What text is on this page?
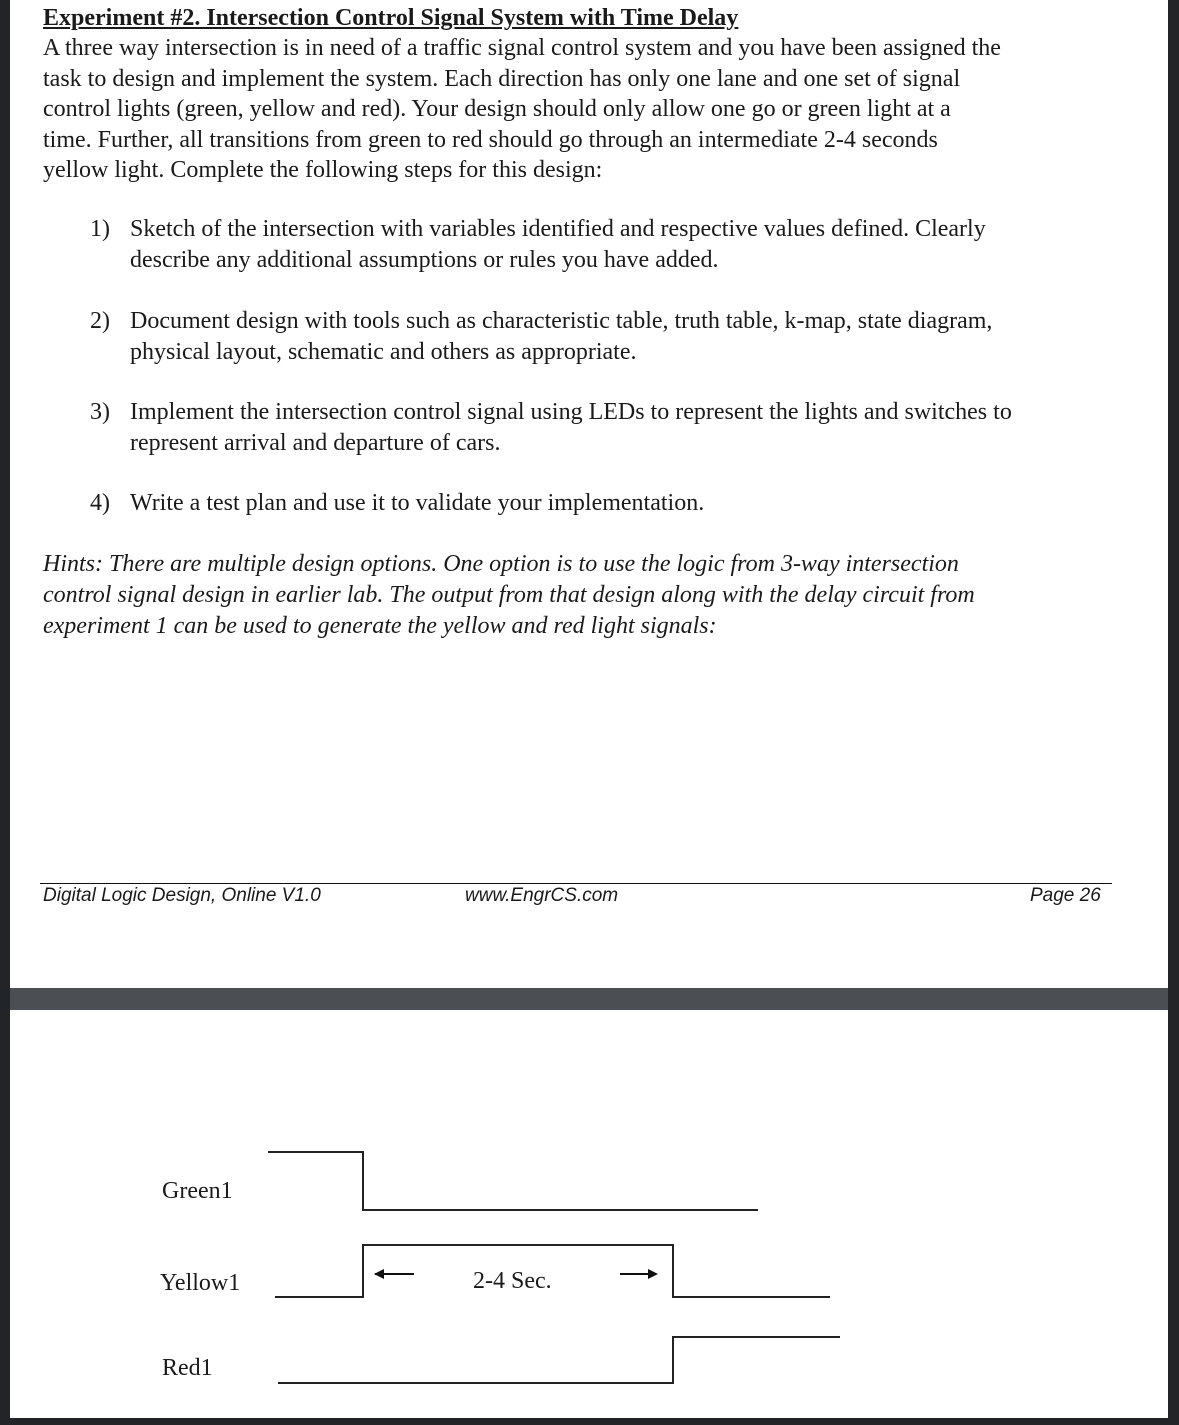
Experiment #2. Intersection Control Signal System with Time Delay
A three way intersection is in need of a traffic signal control system and you have been assigned the
task to design and implement the system. Each direction has only one lane and one set of signal
control lights (green, yellow and red). Your design should only allow one go or green light at a
time. Further, all transitions from green to red should go through an intermediate 2-4 seconds
yellow light. Complete the following steps for this design:
1) Sketch of the intersection with variables identified and respective values defined. Clearly
describe any additional assumptions or rules you have added.
2) Document design with tools such as characteristic table, truth table, k-map, state diagram,
physical layout, schematic and others as appropriate.
3) Implement the intersection control signal using LEDs to represent the lights and switches to
represent arrival and departure of cars.
4) Write a test plan and use it to validate your implementation.
Hints: There are multiple design options. One option is to use the logic from 3-way intersection
control signal design in earlier lab. The output from that design along with the delay circuit from
experiment 1 can be used to generate the yellow and red light signals:
Digital Logic Design, Online V1.0	www.EngrCS.com	Page 26
Green1
Yellow1
Red1
2-4 Sec.
